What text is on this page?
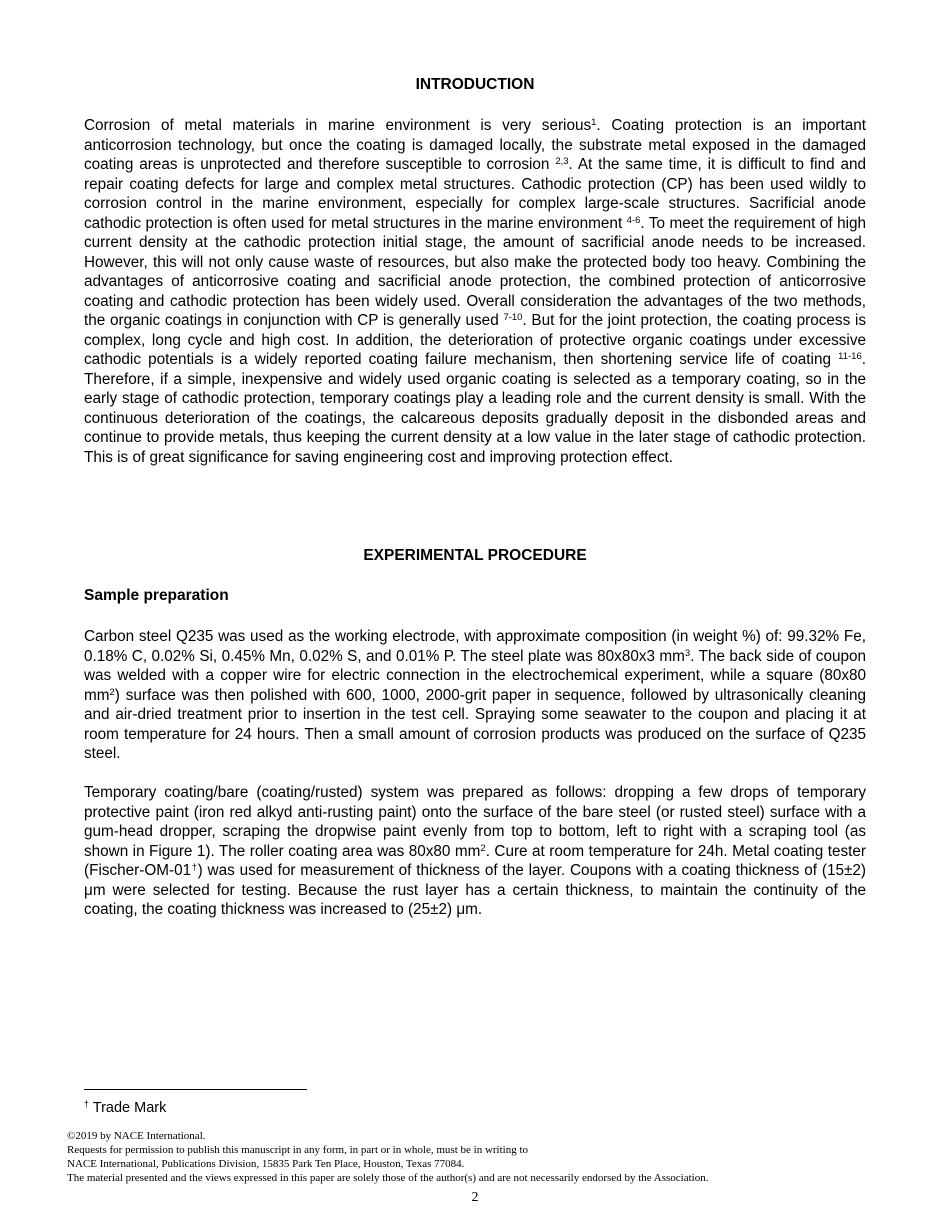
INTRODUCTION

Corrosion of metal materials in marine environment is very serious$^1$. Coating protection is an important anticorrosion technology, but once the coating is damaged locally, the substrate metal exposed in the damaged coating areas is unprotected and therefore susceptible to corrosion $^{2,3}$. At the same time, it is difficult to find and repair coating defects for large and complex metal structures. Cathodic protection (CP) has been used wildly to corrosion control in the marine environment, especially for complex large-scale structures. Sacrificial anode cathodic protection is often used for metal structures in the marine environment $^{4-6}$. To meet the requirement of high current density at the cathodic protection initial stage, the amount of sacrificial anode needs to be increased. However, this will not only cause waste of resources, but also make the protected body too heavy. Combining the advantages of anticorrosive coating and sacrificial anode protection, the combined protection of anticorrosive coating and cathodic protection has been widely used. Overall consideration the advantages of the two methods, the organic coatings in conjunction with CP is generally used $^{7-10}$. But for the joint protection, the coating process is complex, long cycle and high cost. In addition, the deterioration of protective organic coatings under excessive cathodic potentials is a widely reported coating failure mechanism, then shortening service life of coating $^{11-16}$. Therefore, if a simple, inexpensive and widely used organic coating is selected as a temporary coating, so in the early stage of cathodic protection, temporary coatings play a leading role and the current density is small. With the continuous deterioration of the coatings, the calcareous deposits gradually deposit in the disbonded areas and continue to provide metals, thus keeping the current density at a low value in the later stage of cathodic protection. This is of great significance for saving engineering cost and improving protection effect.

EXPERIMENTAL PROCEDURE
Sample preparation

Carbon steel Q235 was used as the working electrode, with approximate composition (in weight %) of: 99.32% Fe, 0.18% C, 0.02% Si, 0.45% Mn, 0.02% S, and 0.01% P. The steel plate was 80x80x3 $mm^3$. The back side of coupon was welded with a copper wire for electric connection in the electrochemical experiment, while a square (80x80 $mm^2$) surface was then polished with 600, 1000, 2000-grit paper in sequence, followed by ultrasonically cleaning and air-dried treatment prior to insertion in the test cell. Spraying some seawater to the coupon and placing it at room temperature for 24 hours. Then a small amount of corrosion products was produced on the surface of Q235 steel.

Temporary coating/bare (coating/rusted) system was prepared as follows: dropping a few drops of temporary protective paint (iron red alkyd anti-rusting paint) onto the surface of the bare steel (or rusted steel) surface with a gum-head dropper, scraping the dropwise paint evenly from top to bottom, left to right with a scraping tool (as shown in Figure 1). The roller coating area was 80x80 $mm^2$. Cure at room temperature for 24h. Metal coating tester (Fischer-OM-01†) was used for measurement of thickness of the layer. Coupons with a coating thickness of (15±2) μm were selected for testing. Because the rust layer has a certain thickness, to maintain the continuity of the coating, the coating thickness was increased to (25±2) μm.

† Trade Mark
©2019 by NACE International.
Requests for permission to publish this manuscript in any form, in part or in whole, must be in writing to
NACE International, Publications Division, 15835 Park Ten Place, Houston, Texas 77084.
The material presented and the views expressed in this paper are solely those of the author(s) and are not necessarily endorsed by the Association.
2
